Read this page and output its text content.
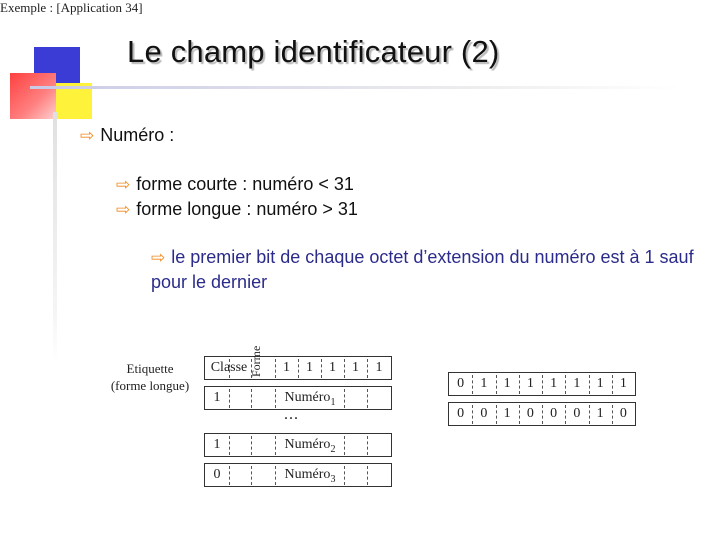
Le champ identificateur (2)
⇨ Numéro :
⇨ forme courte : numéro < 31
⇨ forme longue : numéro > 31
⇨ le premier bit de chaque octet d’extension du numéro est à 1 sauf pour le dernier
Etiquette
(forme longue)
Classe	1	1	1	1	1
Forme
1	Numéro$_1$
...
1	Numéro$_2$
0	Numéro$_3$
Exemple : [Application 34]
0	1	1	1	1	1	1	1
0	0	1	0	0	0	1	0
